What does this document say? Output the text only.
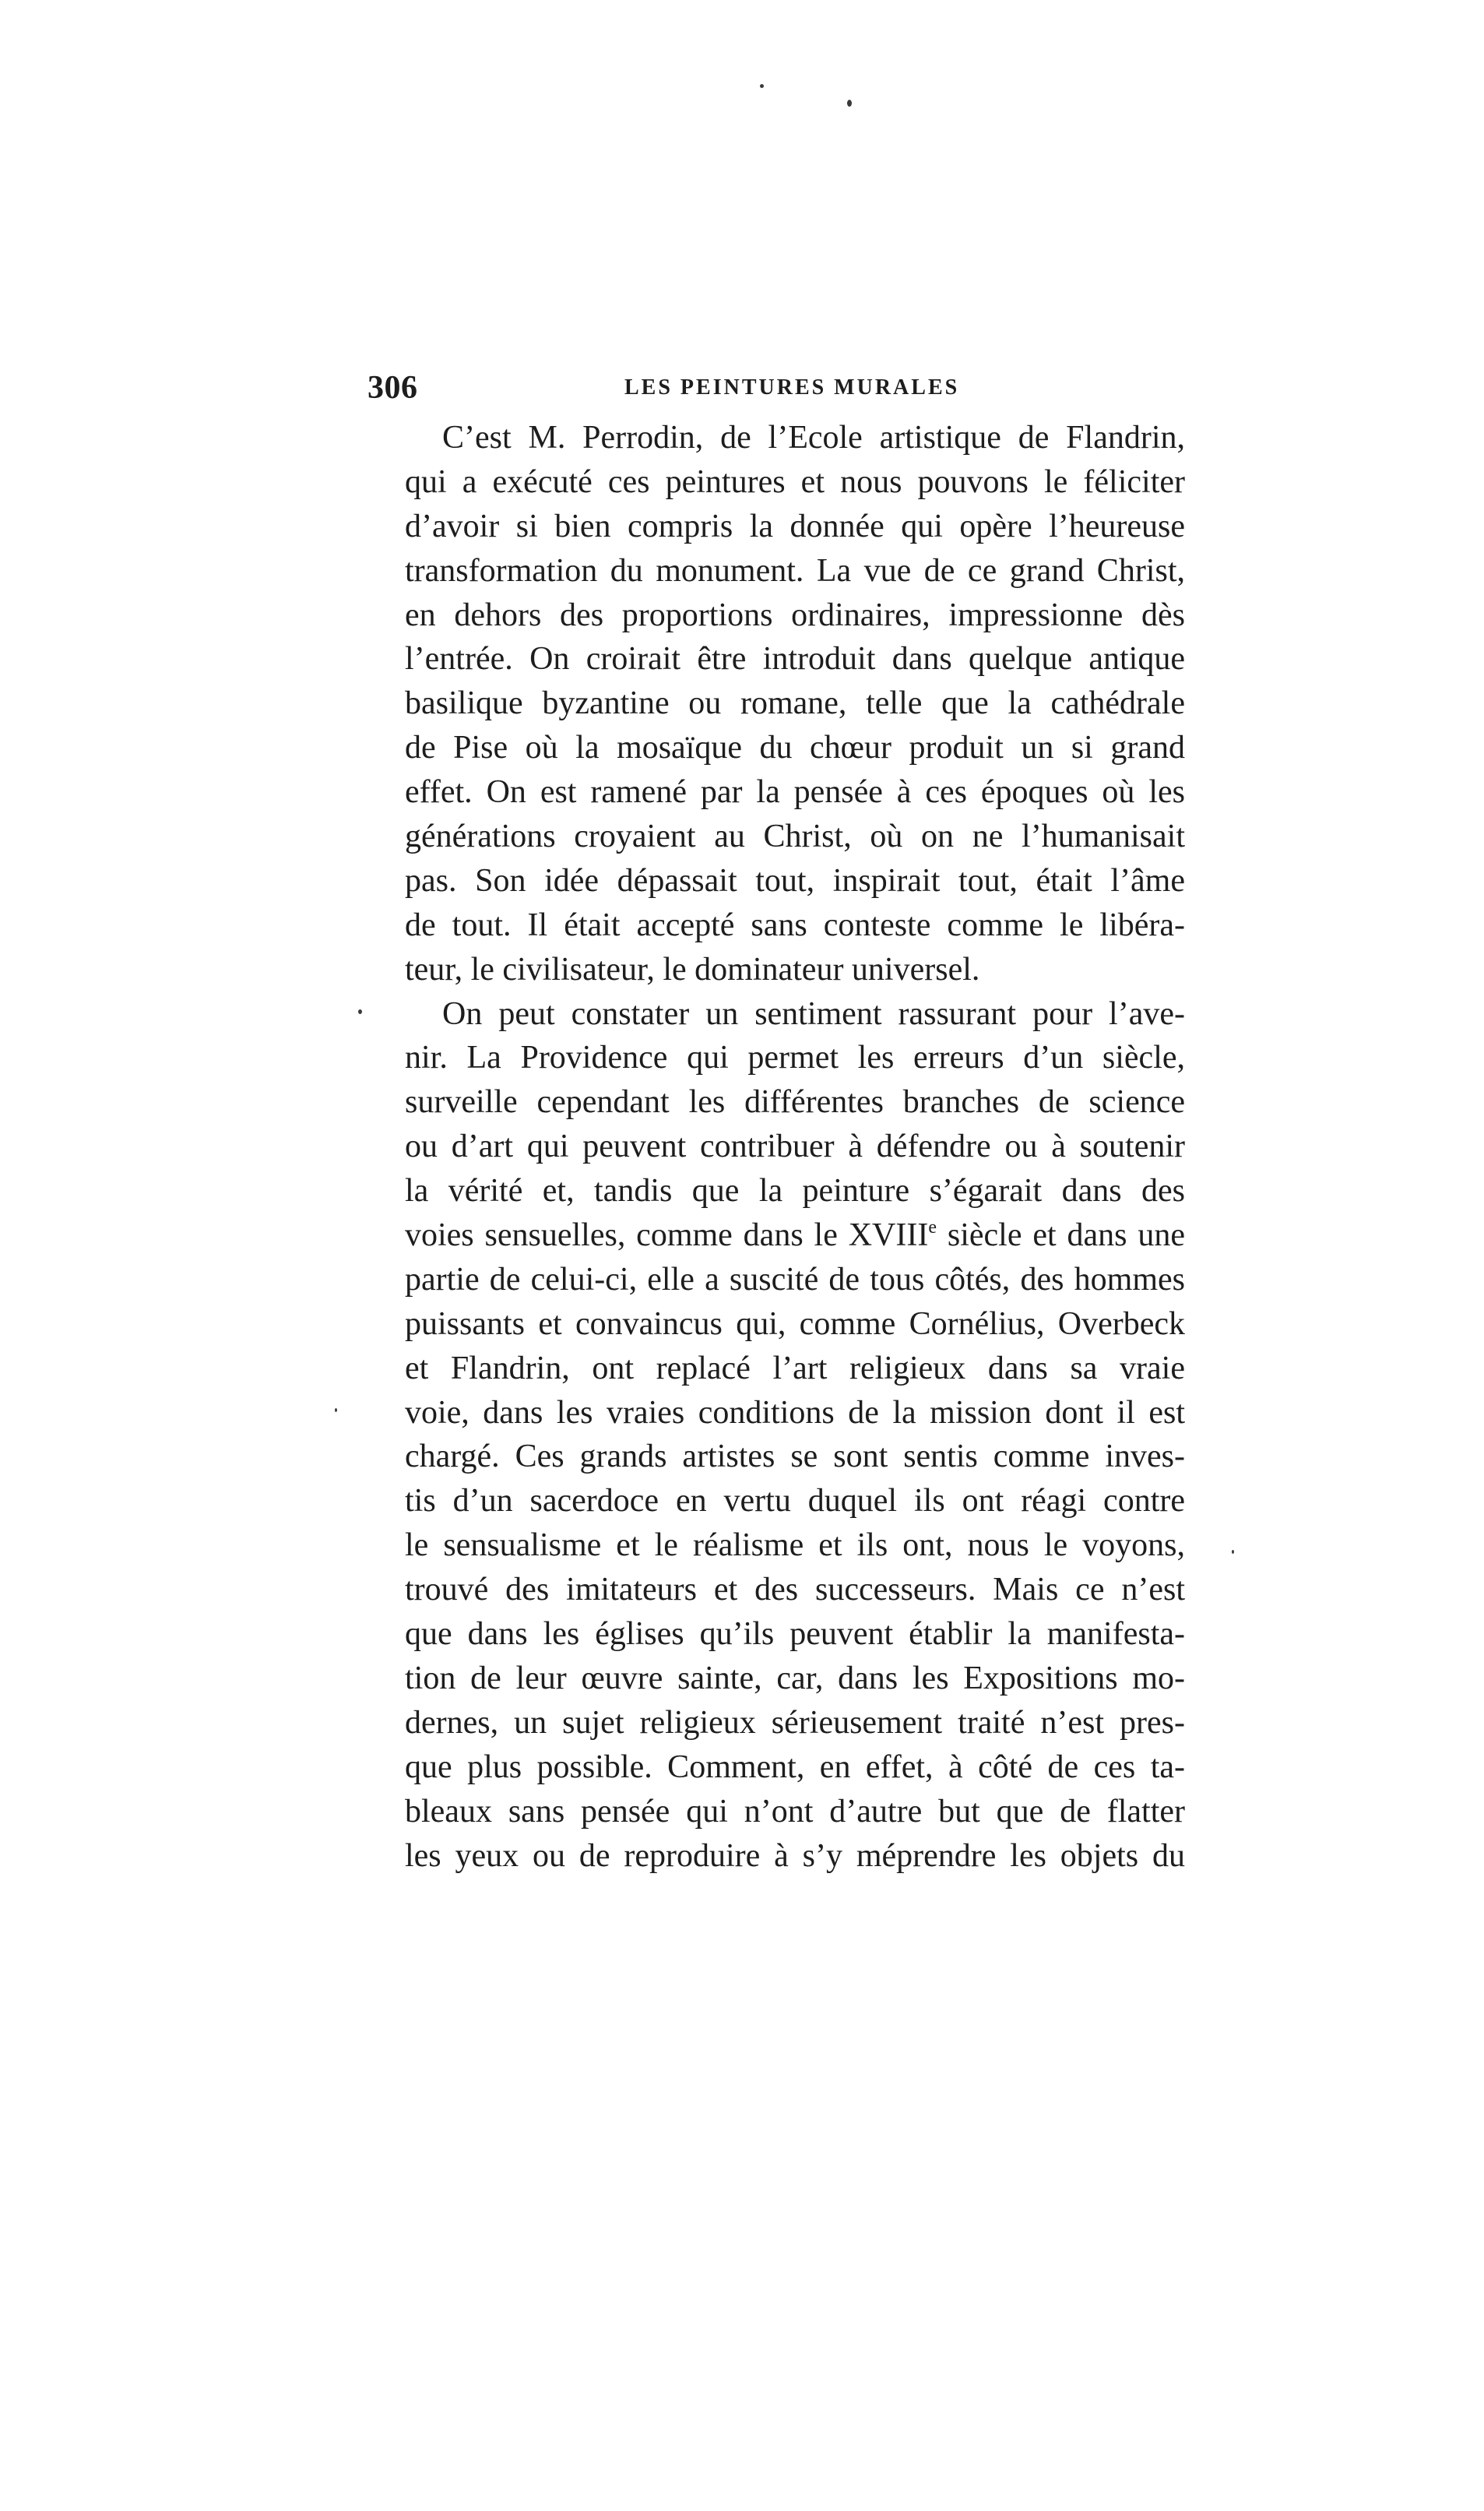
306	LES PEINTURES MURALES
C’est M. Perrodin, de l’Ecole artistique de Flandrin,
qui a exécuté ces peintures et nous pouvons le féliciter
d’avoir si bien compris la donnée qui opère l’heureuse
transformation du monument. La vue de ce grand Christ,
en dehors des proportions ordinaires, impressionne dès
l’entrée. On croirait être introduit dans quelque antique
basilique byzantine ou romane, telle que la cathédrale
de Pise où la mosaïque du chœur produit un si grand
effet. On est ramené par la pensée à ces époques où les
générations croyaient au Christ, où on ne l’humanisait
pas. Son idée dépassait tout, inspirait tout, était l’âme
de tout. Il était accepté sans conteste comme le libéra-
teur, le civilisateur, le dominateur universel.
On peut constater un sentiment rassurant pour l’ave-
nir. La Providence qui permet les erreurs d’un siècle,
surveille cependant les différentes branches de science
ou d’art qui peuvent contribuer à défendre ou à soutenir
la vérité et, tandis que la peinture s’égarait dans des
voies sensuelles, comme dans le XVIIIe siècle et dans une
partie de celui-ci, elle a suscité de tous côtés, des hommes
puissants et convaincus qui, comme Cornélius, Overbeck
et Flandrin, ont replacé l’art religieux dans sa vraie
voie, dans les vraies conditions de la mission dont il est
chargé. Ces grands artistes se sont sentis comme inves-
tis d’un sacerdoce en vertu duquel ils ont réagi contre
le sensualisme et le réalisme et ils ont, nous le voyons,
trouvé des imitateurs et des successeurs. Mais ce n’est
que dans les églises qu’ils peuvent établir la manifesta-
tion de leur œuvre sainte, car, dans les Expositions mo-
dernes, un sujet religieux sérieusement traité n’est pres-
que plus possible. Comment, en effet, à côté de ces ta-
bleaux sans pensée qui n’ont d’autre but que de flatter
les yeux ou de reproduire à s’y méprendre les objets du
